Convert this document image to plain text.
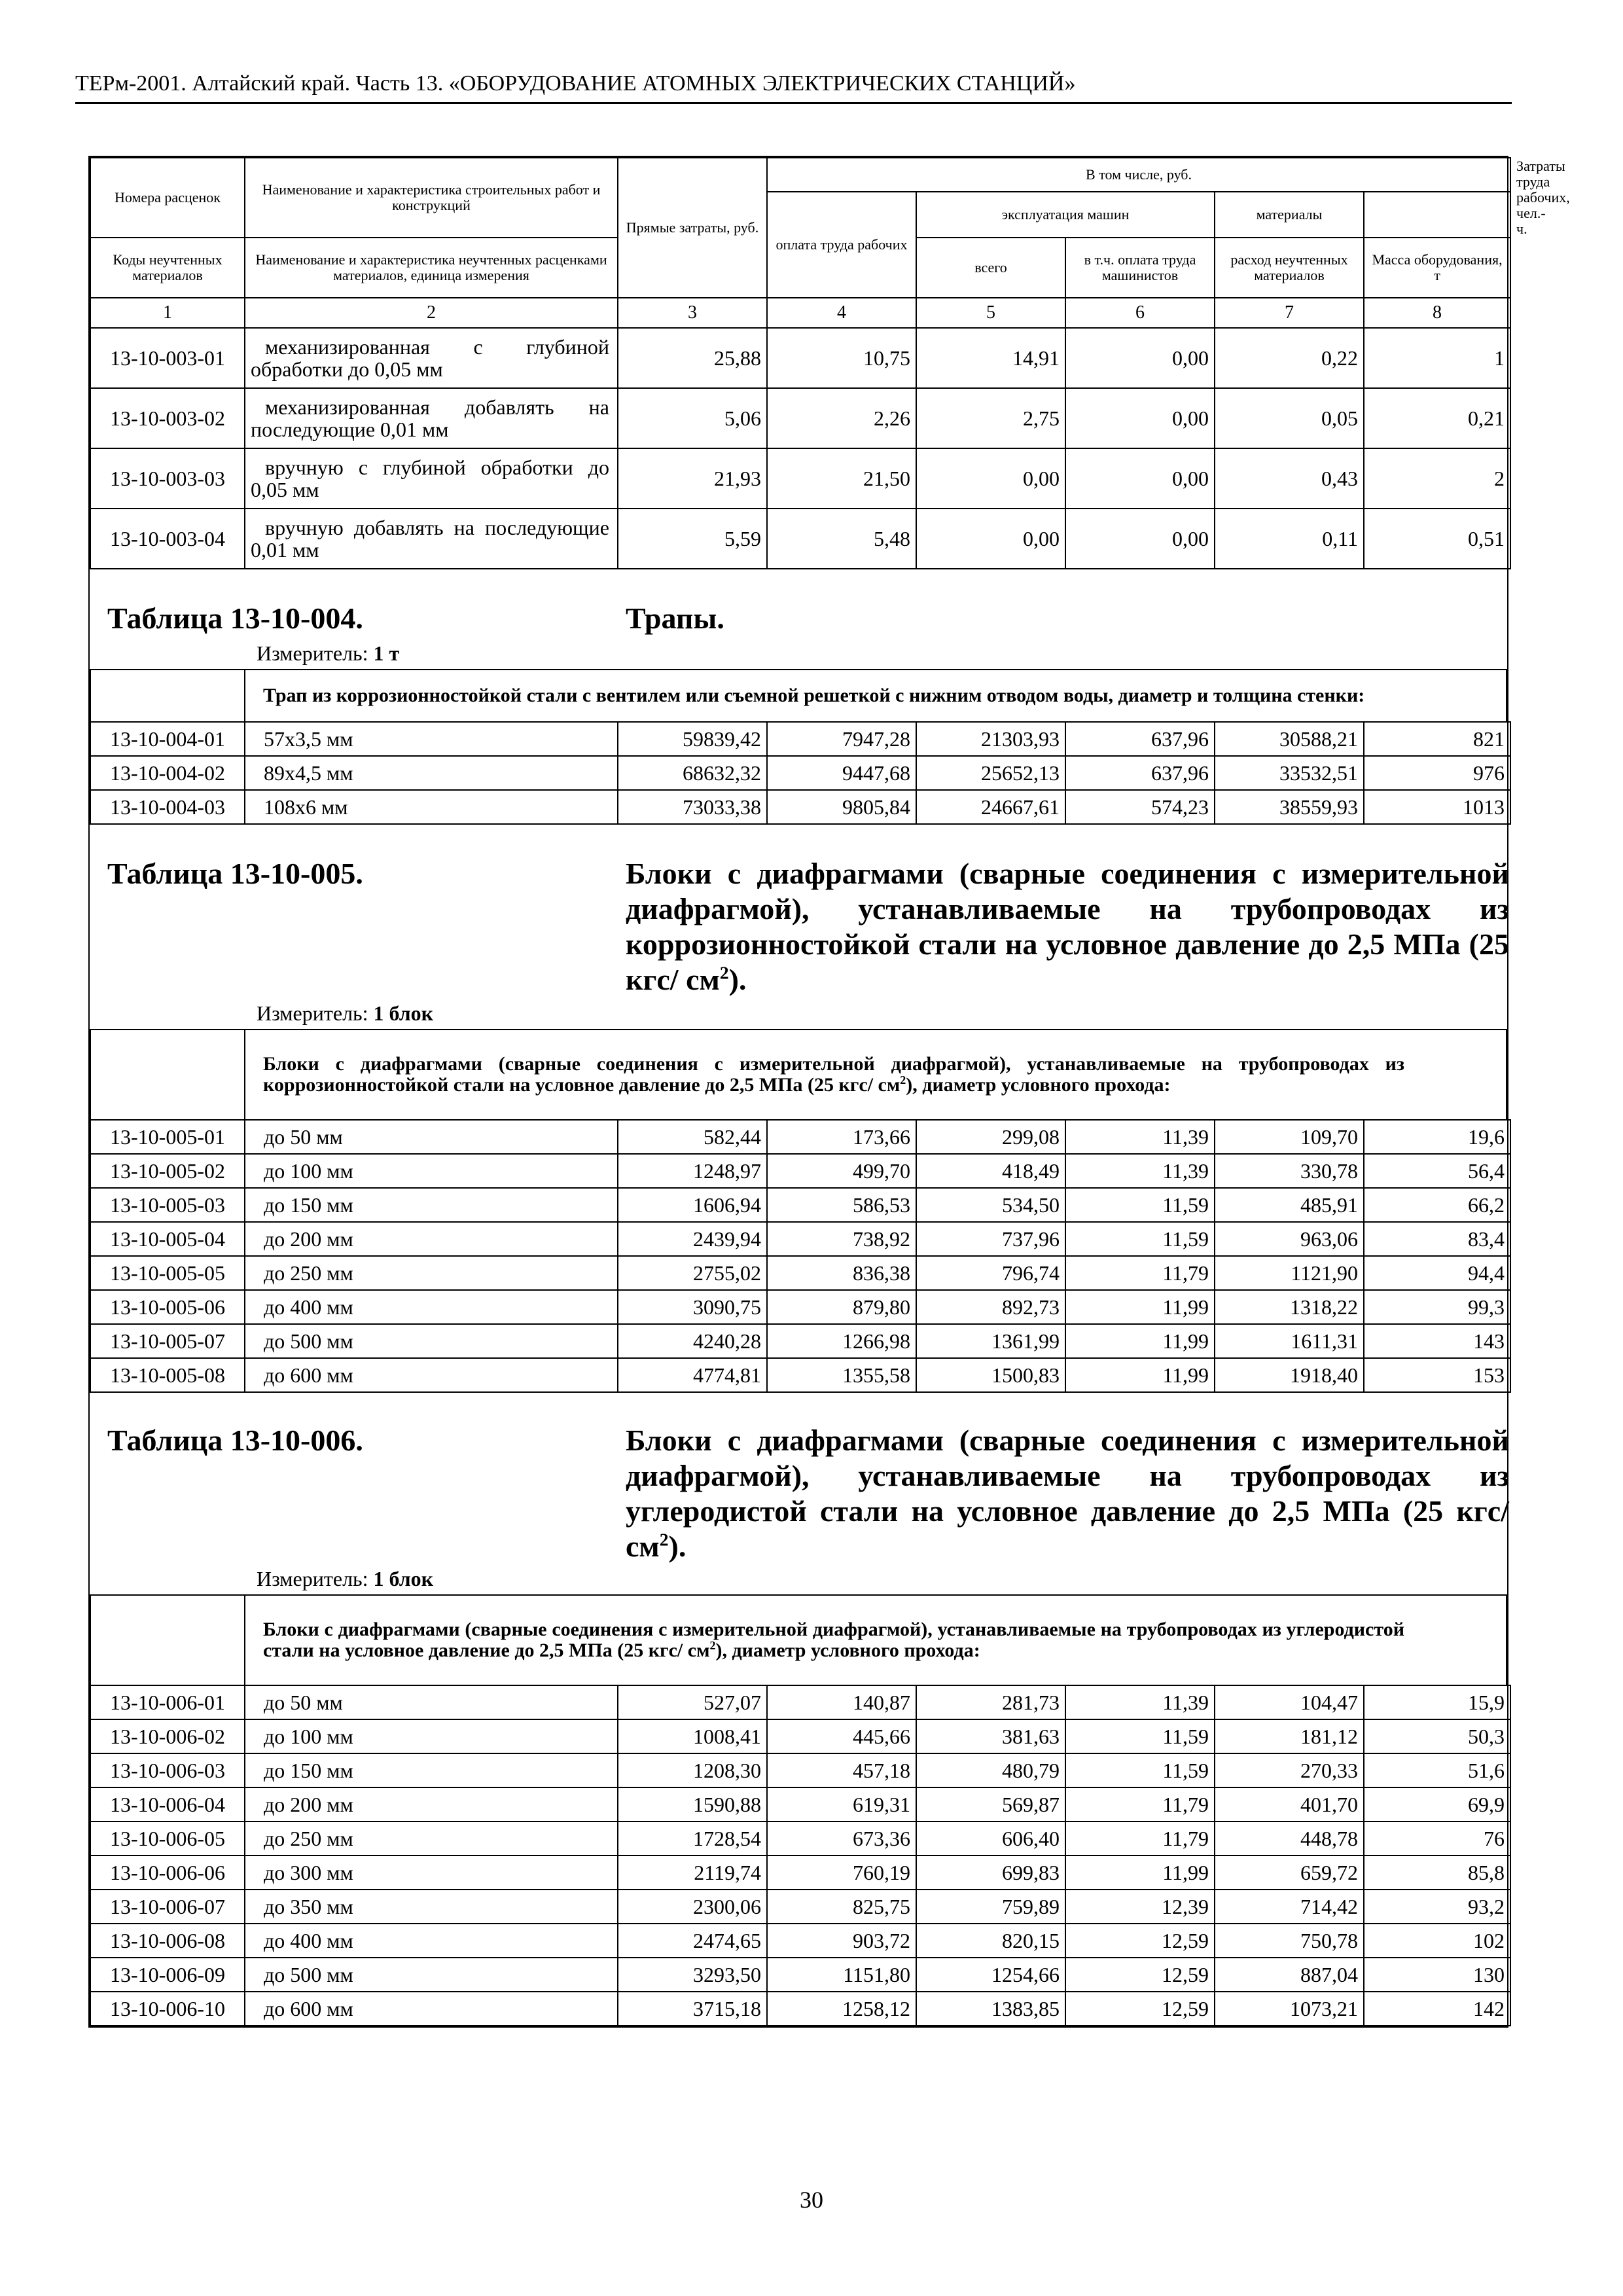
ТЕРм-2001. Алтайский край. Часть 13. «ОБОРУДОВАНИЕ АТОМНЫХ ЭЛЕКТРИЧЕСКИХ СТАНЦИЙ»
Номера расценок	Наименование и характеристика строительных работ и конструкций	Прямые затраты, руб.	В том числе, руб.					Затраты труда рабочих, чел.-ч.
			оплата труда рабочих	эксплуатация машин		материалы		
Коды неучтенных материалов	Наименование и характеристика неучтенных расценками материалов, единица измерения			всего	в т.ч. оплата труда машинистов	расход неучтенных материалов	Масса оборудования, т	
1	2	3	4	5	6	7	8	
13-10-003-01	механизированная с глубиной обработки до 0,05 мм	25,88	10,75	14,91	0,00	0,22	1
13-10-003-02	механизированная добавлять на последующие 0,01 мм	5,06	2,26	2,75	0,00	0,05	0,21
13-10-003-03	вручную с глубиной обработки до 0,05 мм	21,93	21,50	0,00	0,00	0,43	2
13-10-003-04	вручную добавлять на последующие 0,01 мм	5,59	5,48	0,00	0,00	0,11	0,51
Таблица 13-10-004.	Трапы.
Измеритель: 1 т
	Трап из коррозионностойкой стали с вентилем или съемной решеткой с нижним отводом воды, диаметр и толщина стенки:
13-10-004-01	57х3,5 мм	59839,42	7947,28	21303,93	637,96	30588,21	821
13-10-004-02	89х4,5 мм	68632,32	9447,68	25652,13	637,96	33532,51	976
13-10-004-03	108х6 мм	73033,38	9805,84	24667,61	574,23	38559,93	1013
Таблица 13-10-005.	Блоки с диафрагмами (сварные соединения с измерительной диафрагмой), устанавливаемые на трубопроводах из коррозионностойкой стали на условное давление до 2,5 МПа (25 кгс/ $см^2$).
Измеритель: 1 блок
	Блоки с диафрагмами (сварные соединения с измерительной диафрагмой), устанавливаемые на трубопроводах из коррозионностойкой стали на условное давление до 2,5 МПа (25 кгс/ $см^2$), диаметр условного прохода:
13-10-005-01	до 50 мм	582,44	173,66	299,08	11,39	109,70	19,6
13-10-005-02	до 100 мм	1248,97	499,70	418,49	11,39	330,78	56,4
13-10-005-03	до 150 мм	1606,94	586,53	534,50	11,59	485,91	66,2
13-10-005-04	до 200 мм	2439,94	738,92	737,96	11,59	963,06	83,4
13-10-005-05	до 250 мм	2755,02	836,38	796,74	11,79	1121,90	94,4
13-10-005-06	до 400 мм	3090,75	879,80	892,73	11,99	1318,22	99,3
13-10-005-07	до 500 мм	4240,28	1266,98	1361,99	11,99	1611,31	143
13-10-005-08	до 600 мм	4774,81	1355,58	1500,83	11,99	1918,40	153
Таблица 13-10-006.	Блоки с диафрагмами (сварные соединения с измерительной диафрагмой), устанавливаемые на трубопроводах из углеродистой стали на условное давление до 2,5 МПа (25 кгс/ $см^2$).
Измеритель: 1 блок
	Блоки с диафрагмами (сварные соединения с измерительной диафрагмой), устанавливаемые на трубопроводах из углеродистой стали на условное давление до 2,5 МПа (25 кгс/ $см^2$), диаметр условного прохода:
13-10-006-01	до 50 мм	527,07	140,87	281,73	11,39	104,47	15,9
13-10-006-02	до 100 мм	1008,41	445,66	381,63	11,59	181,12	50,3
13-10-006-03	до 150 мм	1208,30	457,18	480,79	11,59	270,33	51,6
13-10-006-04	до 200 мм	1590,88	619,31	569,87	11,79	401,70	69,9
13-10-006-05	до 250 мм	1728,54	673,36	606,40	11,79	448,78	76
13-10-006-06	до 300 мм	2119,74	760,19	699,83	11,99	659,72	85,8
13-10-006-07	до 350 мм	2300,06	825,75	759,89	12,39	714,42	93,2
13-10-006-08	до 400 мм	2474,65	903,72	820,15	12,59	750,78	102
13-10-006-09	до 500 мм	3293,50	1151,80	1254,66	12,59	887,04	130
13-10-006-10	до 600 мм	3715,18	1258,12	1383,85	12,59	1073,21	142
30
